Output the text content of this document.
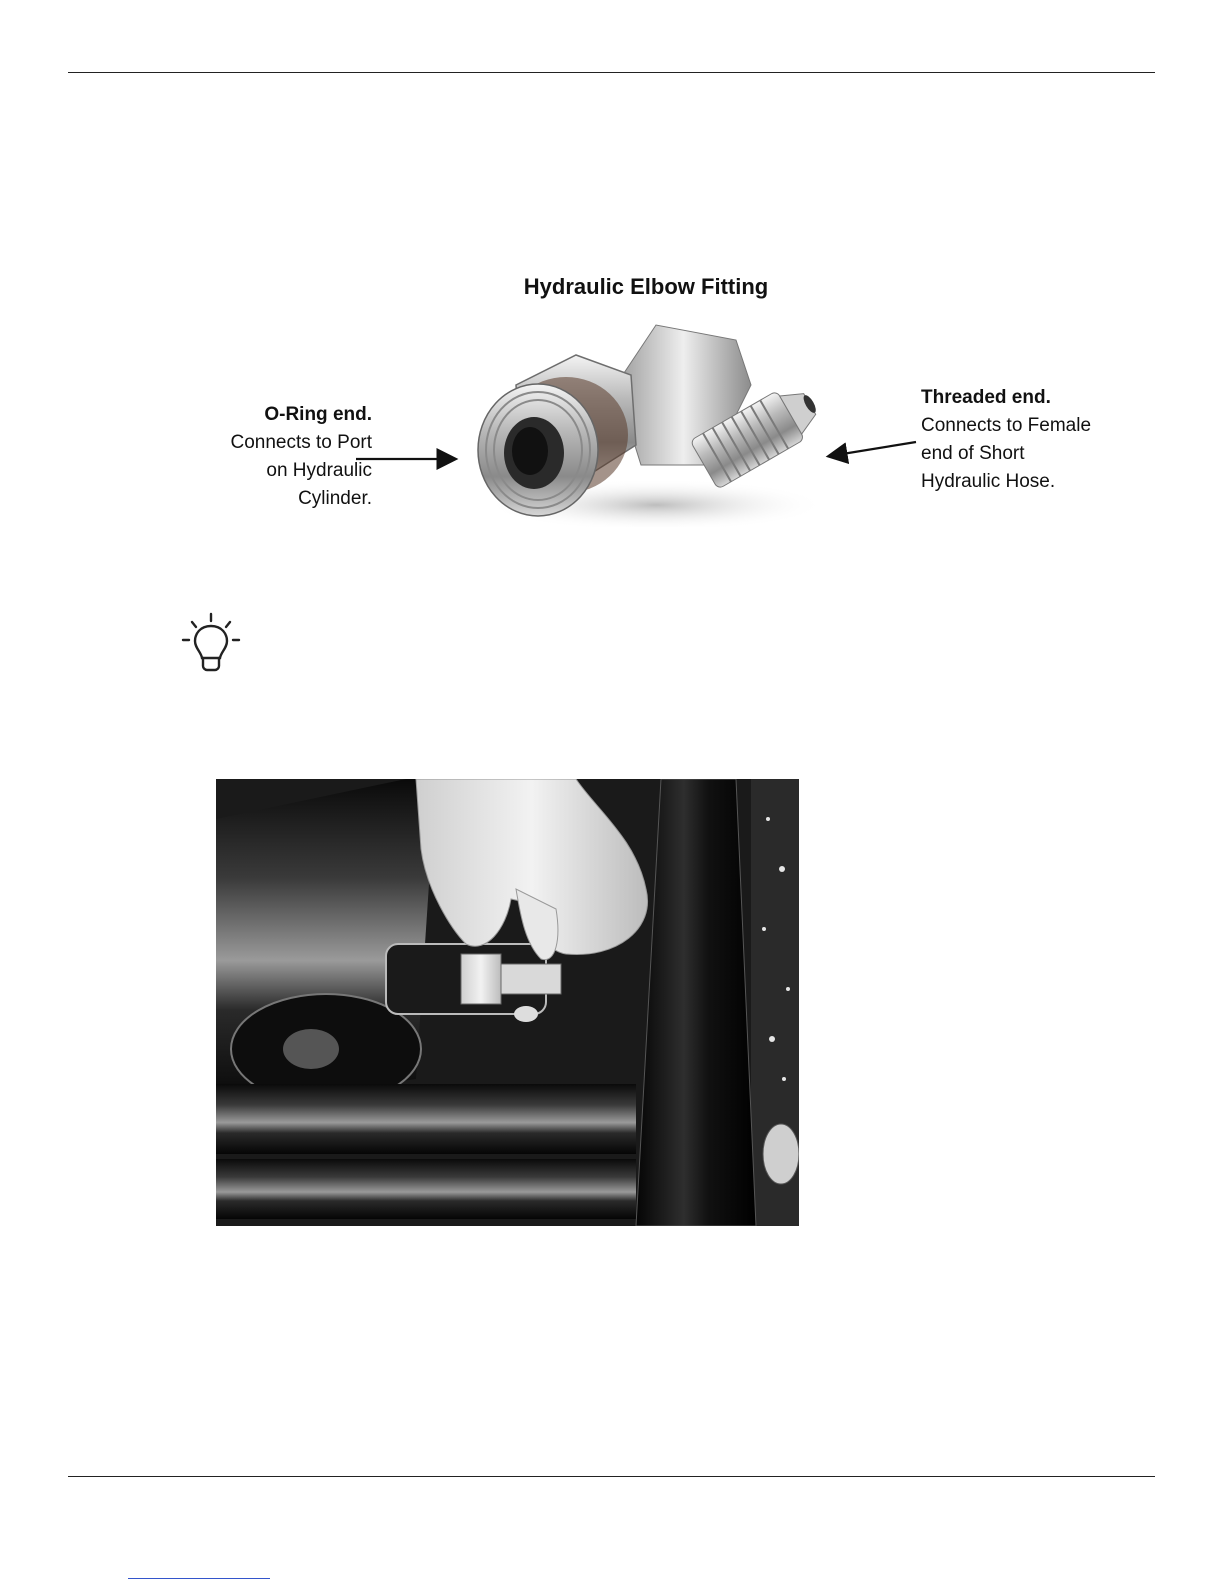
Hydraulic Elbow Fitting
O-Ring end.
Connects to Port
on Hydraulic
Cylinder.
Threaded end.
Connects to Female
end of Short
Hydraulic Hose.
